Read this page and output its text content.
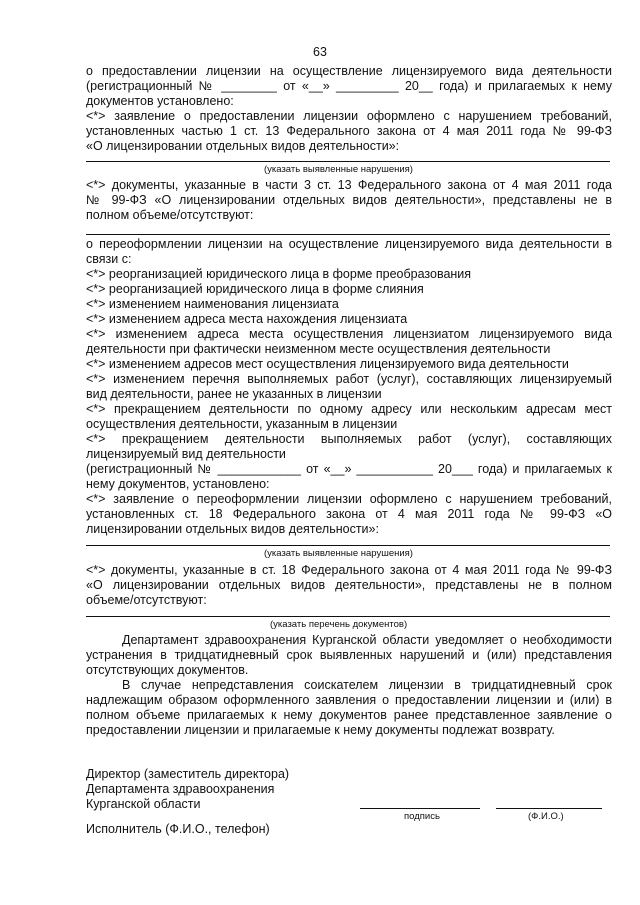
63
о предоставлении лицензии на осуществление лицензируемого вида деятельности
(регистрационный № ________ от «__» _________ 20__ года) и прилагаемых к нему
документов установлено:
<*> заявление о предоставлении лицензии оформлено с нарушением требований,
установленных частью 1 ст. 13 Федерального закона от 4 мая 2011 года № 99-ФЗ
«О лицензировании отдельных видов деятельности»:
(указать выявленные нарушения)
<*> документы, указанные в части 3 ст. 13 Федерального закона от 4 мая 2011 года
№ 99-ФЗ «О лицензировании отдельных видов деятельности», представлены не в
полном объеме/отсутствуют:
о переоформлении лицензии на осуществление лицензируемого вида деятельности в
связи с:
<*> реорганизацией юридического лица в форме преобразования
<*> реорганизацией юридического лица в форме слияния
<*> изменением наименования лицензиата
<*> изменением адреса места нахождения лицензиата
<*> изменением адреса места осуществления лицензиатом лицензируемого вида
деятельности при фактически неизменном месте осуществления деятельности
<*> изменением адресов мест осуществления лицензируемого вида деятельности
<*> изменением перечня выполняемых работ (услуг), составляющих лицензируемый
вид деятельности, ранее не указанных в лицензии
<*> прекращением деятельности по одному адресу или нескольким адресам мест
осуществления деятельности, указанным в лицензии
<*> прекращением деятельности выполняемых работ (услуг), составляющих
лицензируемый вид деятельности
(регистрационный № ____________ от «__» ___________ 20___ года) и прилагаемых к
нему документов, установлено:
<*> заявление о переоформлении лицензии оформлено с нарушением требований,
установленных ст. 18 Федерального закона от 4 мая 2011 года № 99-ФЗ «О
лицензировании отдельных видов деятельности»:
(указать выявленные нарушения)
<*> документы, указанные в ст. 18 Федерального закона от 4 мая 2011 года № 99-ФЗ
«О лицензировании отдельных видов деятельности», представлены не в полном
объеме/отсутствуют:
(указать перечень документов)
Департамент здравоохранения Курганской области уведомляет о необходимости
устранения в тридцатидневный срок выявленных нарушений и (или) представления
отсутствующих документов.
В случае непредставления соискателем лицензии в тридцатидневный срок
надлежащим образом оформленного заявления о предоставлении лицензии и (или) в
полном объеме прилагаемых к нему документов ранее представленное заявление о
предоставлении лицензии и прилагаемые к нему документы подлежат возврату.
Директор (заместитель директора)
Департамента здравоохранения
Курганской области
подпись	(Ф.И.О.)
Исполнитель (Ф.И.О., телефон)
